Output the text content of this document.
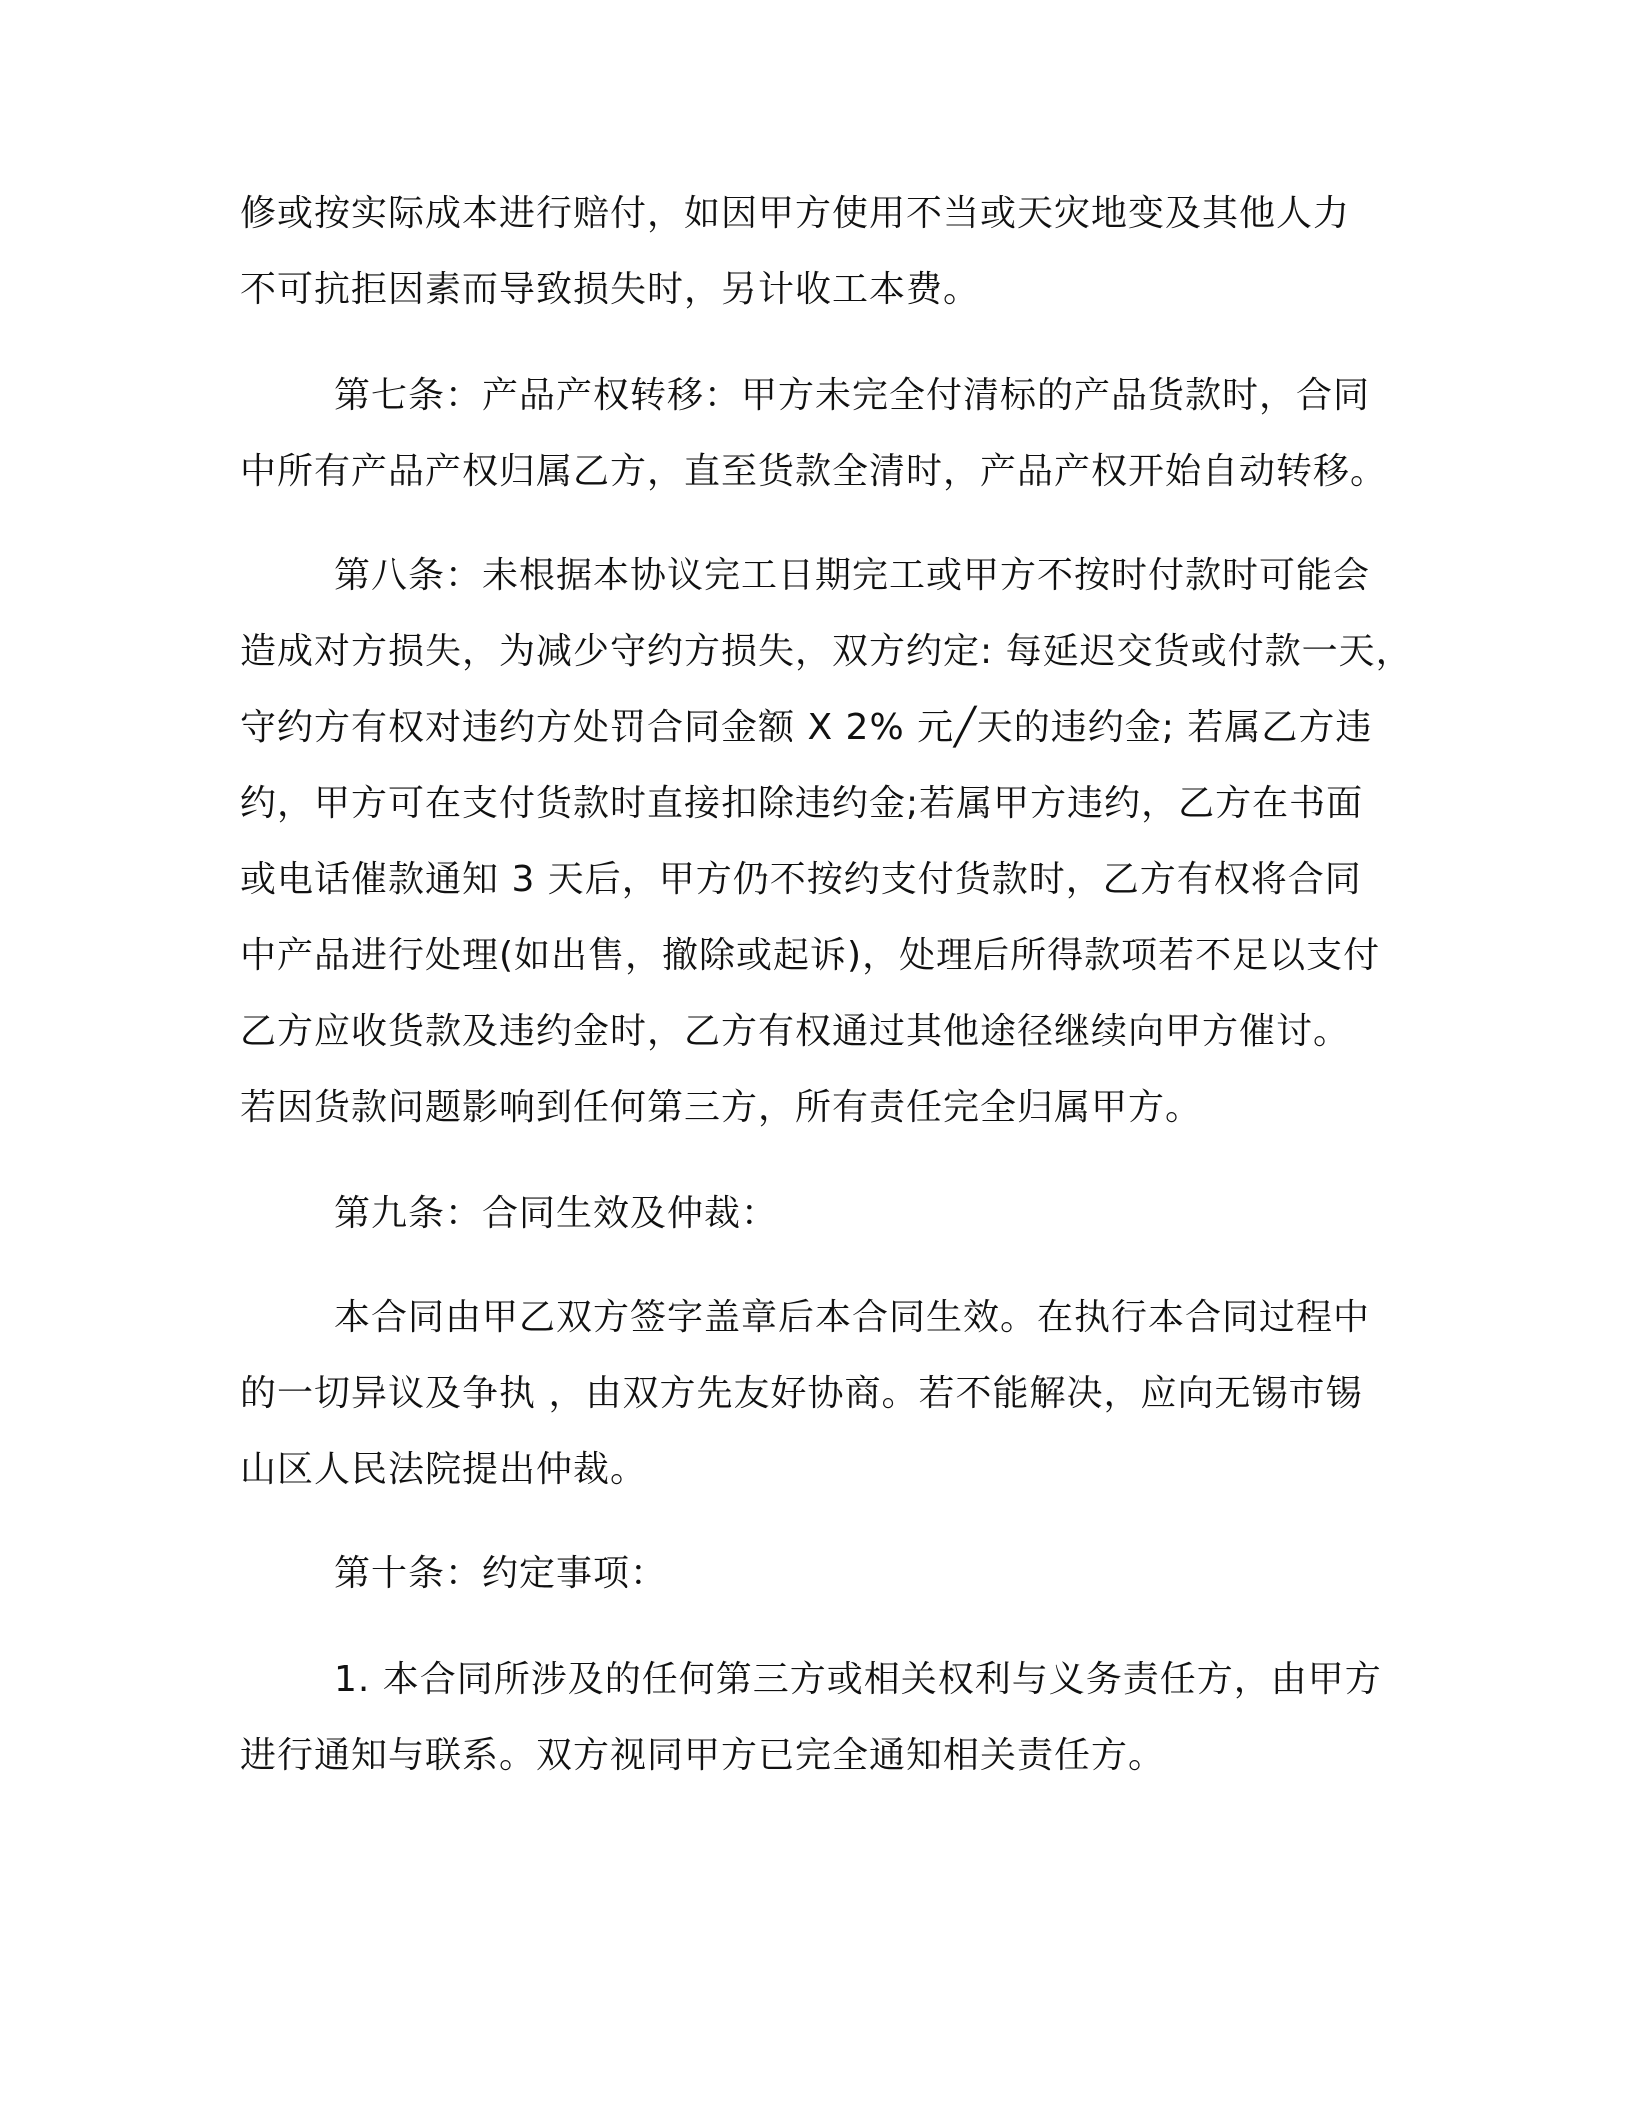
修或按实际成本进行赔付，如因甲方使用不当或天灾地变及其他人力
不可抗拒因素而导致损失时，另计收工本费。
第七条：产品产权转移：甲方未完全付清标的产品货款时，合同
中所有产品产权归属乙方，直至货款全清时，产品产权开始自动转移。
第八条：未根据本协议完工日期完工或甲方不按时付款时可能会
造成对方损失，为减少守约方损失，双方约定: 每延迟交货或付款一天，
守约方有权对违约方处罚合同金额 X 2% 元╱天的违约金; 若属乙方违
约，甲方可在支付货款时直接扣除违约金;若属甲方违约，乙方在书面
或电话催款通知 3 天后，甲方仍不按约支付货款时，乙方有权将合同
中产品进行处理(如出售，撤除或起诉)，处理后所得款项若不足以支付
乙方应收货款及违约金时，乙方有权通过其他途径继续向甲方催讨。
若因货款问题影响到任何第三方，所有责任完全归属甲方。
第九条：合同生效及仲裁：
本合同由甲乙双方签字盖章后本合同生效。在执行本合同过程中
的一切异议及争执 ，由双方先友好协商。若不能解决，应向无锡市锡
山区人民法院提出仲裁。
第十条：约定事项：
1. 本合同所涉及的任何第三方或相关权利与义务责任方，由甲方
进行通知与联系。双方视同甲方已完全通知相关责任方。
